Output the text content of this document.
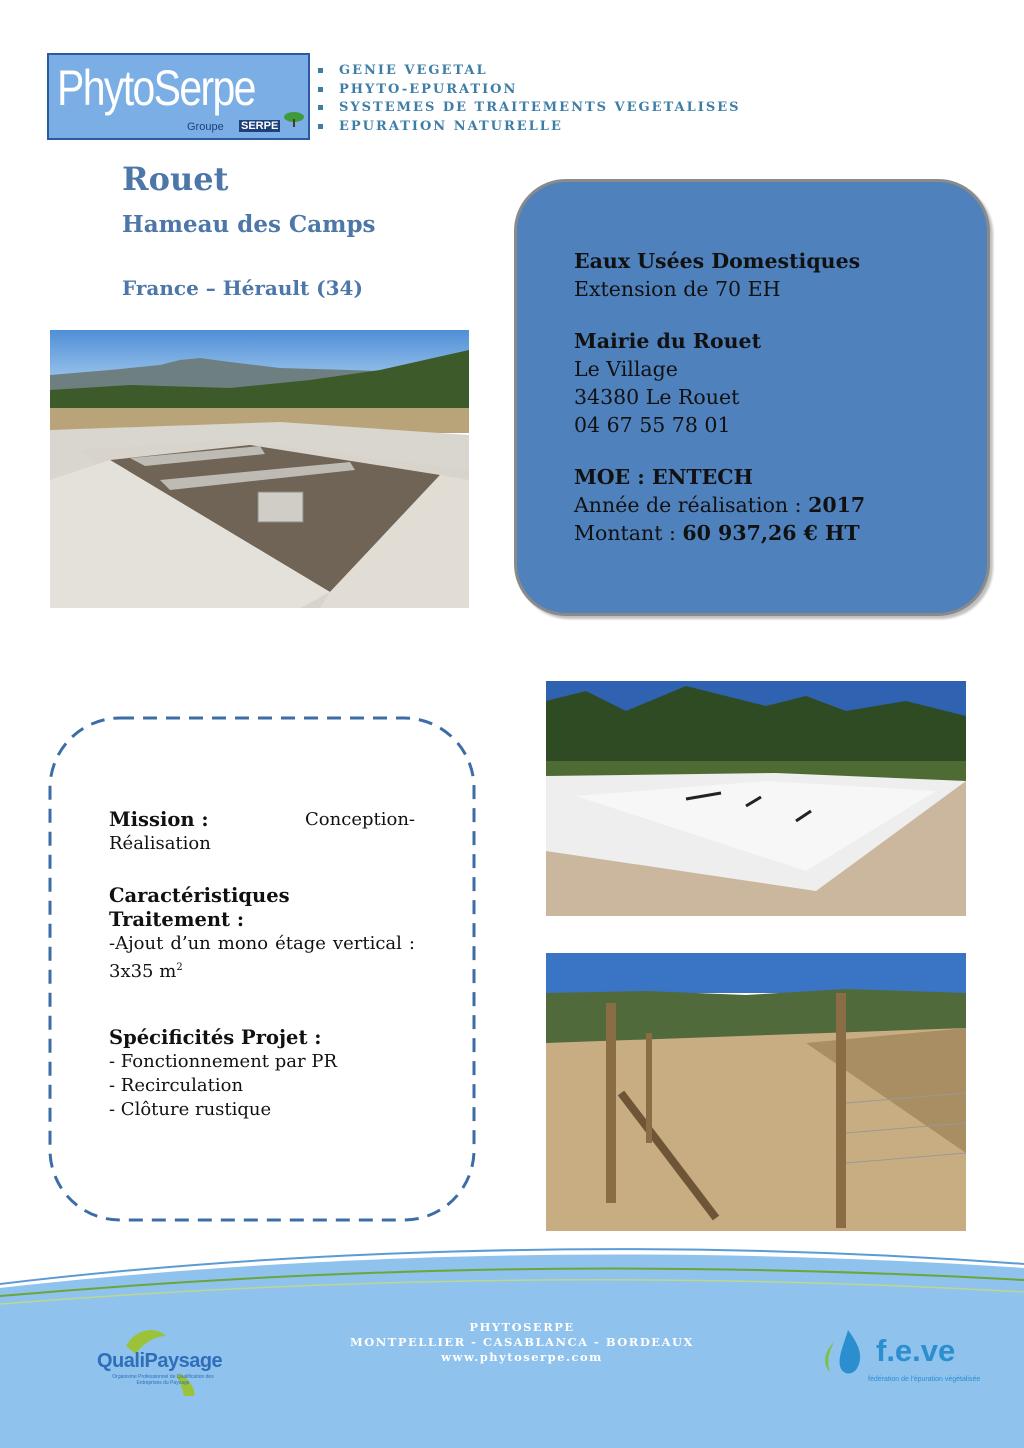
PhytoSerpe
Groupe SERPE
GENIE VEGETAL
PHYTO-EPURATION
SYSTEMES DE TRAITEMENTS VEGETALISES
EPURATION NATURELLE
Rouet
Hameau des Camps
France – Hérault (34)
Eaux Usées Domestiques
Extension de 70 EH
Mairie du Rouet
Le Village
34380 Le Rouet
04 67 55 78 01
MOE : ENTECH
Année de réalisation : 2017
Montant : 60 937,26 € HT
Mission :	Conception-
Réalisation
Caractéristiques
Traitement :
-Ajout d’un mono étage vertical : 3x35 $m^2$
Spécificités Projet :
- Fonctionnement par PR
- Recirculation
- Clôture rustique
PHYTOSERPE
MONTPELLIER - CASABLANCA - BORDEAUX
www.phytoserpe.com
QualiPaysage
Organisme Professionnel de Qualification des Entreprises du Paysage
f.e.ve
fédération de l'épuration végétalisée
